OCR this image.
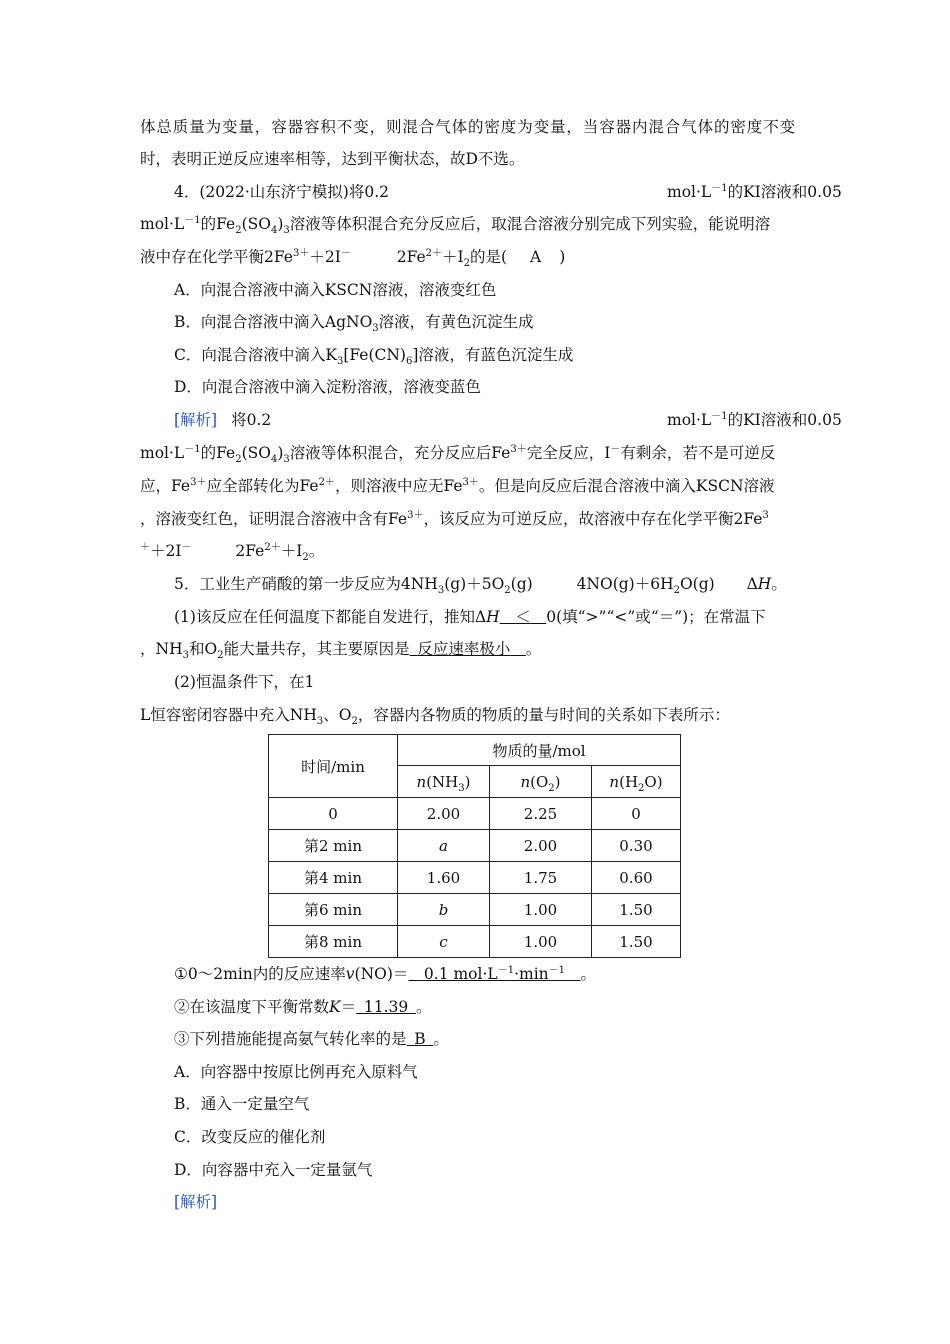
体总质量为变量，容器容积不变，则混合气体的密度为变量，当容器内混合气体的密度不变
时，表明正逆反应速率相等，达到平衡状态，故D不选。
4．(2022·山东济宁模拟)将0.2	$mol\cdot L^{-1}$的KI溶液和0.05
$mol\cdot L^{-1}$的$Fe_2(SO_4)_3$溶液等体积混合充分反应后，取混合溶液分别完成下列实验，能说明溶
液中存在化学平衡$2Fe^{3+}+2I^-$	$2Fe^{2+}+I_2$的是( A )
A．向混合溶液中滴入KSCN溶液，溶液变红色
B．向混合溶液中滴入AgNO$_3$溶液，有黄色沉淀生成
C．向混合溶液中滴入$K_3[Fe(CN)_6]$溶液，有蓝色沉淀生成
D．向混合溶液中滴入淀粉溶液，溶液变蓝色
[解析] 将0.2	$mol\cdot L^{-1}$的KI溶液和0.05
$mol\cdot L^{-1}$的$Fe_2(SO_4)_3$溶液等体积混合，充分反应后$Fe^{3+}$完全反应，I－有剩余，若不是可逆反
应，$Fe^{3+}$应全部转化为$Fe^{2+}$，则溶液中应无$Fe^{3+}$。但是向反应后混合溶液中滴入KSCN溶液
，溶液变红色，证明混合溶液中含有$Fe^{3+}$，该反应为可逆反应，故溶液中存在化学平衡2Fe$^3$
＋＋2I－	$2Fe^{2+}+I_2$。
5．工业生产硝酸的第一步反应为$4NH_3(g)+5O_2(g)$	$4NO(g)+6H_2O(g)$ ΔH。
(1)该反应在任何温度下都能自发进行，推知ΔH  ＜  0(填“>”“<”或“＝”)；在常温下
，$NH_3$和$O_2$能大量共存，其主要原因是  反应速率极小  。
(2)恒温条件下，在1
L恒容密闭容器中充入$NH_3$、$O_2$，容器内各物质的物质的量与时间的关系如下表所示：
时间/min	物质的量/mol		
	$n(NH_3)$	$n(O_2)$	$n(H_2O)$
0	2.00	2.25	0
第2 min	a	2.00	0.30
第4 min	1.60	1.75	0.60
第6 min	b	1.00	1.50
第8 min	c	1.00	1.50
①0～2min内的反应速率v(NO)＝  0.1 $mol\cdot L^{-1}\cdot\min^{-1}$  。
②在该温度下平衡常数K＝  11.39  。
③下列措施能提高氨气转化率的是  B  。
A．向容器中按原比例再充入原料气
B．通入一定量空气
C．改变反应的催化剂
D．向容器中充入一定量氩气
[解析]
